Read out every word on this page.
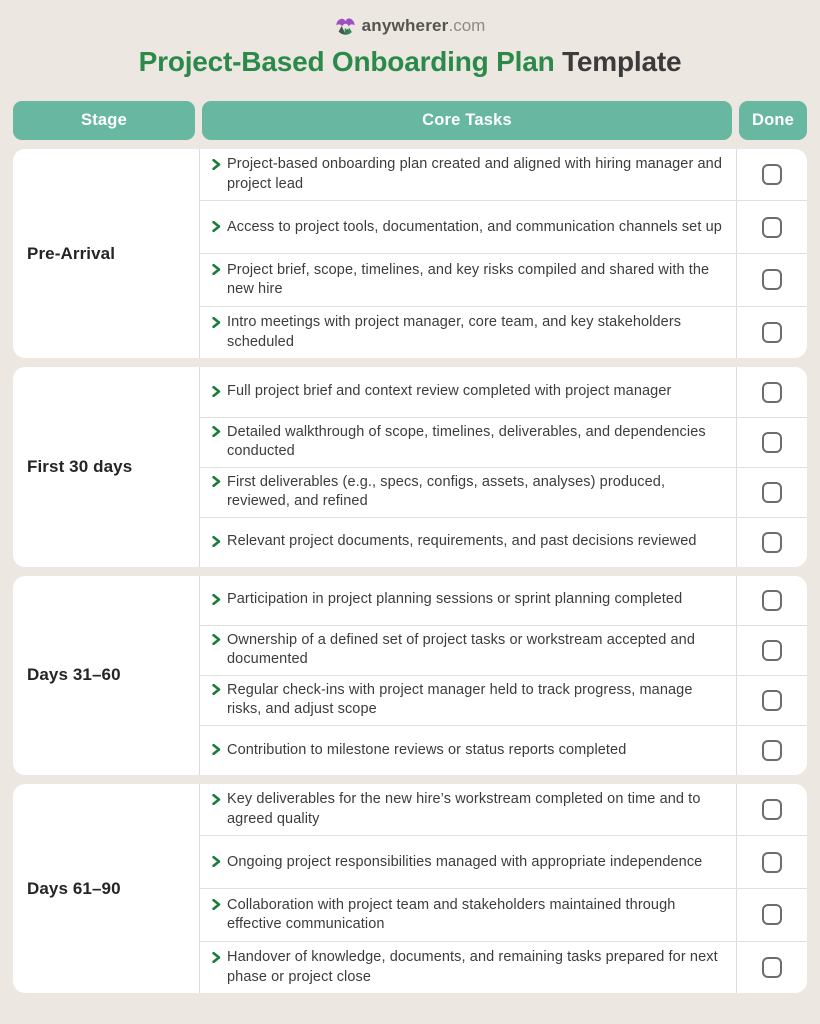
anywherer.com
Project-Based Onboarding Plan Template
Stage	Core Tasks	Done
Pre-Arrival
Project-based onboarding plan created and aligned with hiring manager and project lead
Access to project tools, documentation, and communication channels set up
Project brief, scope, timelines, and key risks compiled and shared with the new hire
Intro meetings with project manager, core team, and key stakeholders scheduled
First 30 days
Full project brief and context review completed with project manager
Detailed walkthrough of scope, timelines, deliverables, and dependencies conducted
First deliverables (e.g., specs, configs, assets, analyses) produced, reviewed, and refined
Relevant project documents, requirements, and past decisions reviewed
Days 31–60
Participation in project planning sessions or sprint planning completed
Ownership of a defined set of project tasks or workstream accepted and documented
Regular check-ins with project manager held to track progress, manage risks, and adjust scope
Contribution to milestone reviews or status reports completed
Days 61–90
Key deliverables for the new hire’s workstream completed on time and to agreed quality
Ongoing project responsibilities managed with appropriate independence
Collaboration with project team and stakeholders maintained through effective communication
Handover of knowledge, documents, and remaining tasks prepared for next phase or project close
